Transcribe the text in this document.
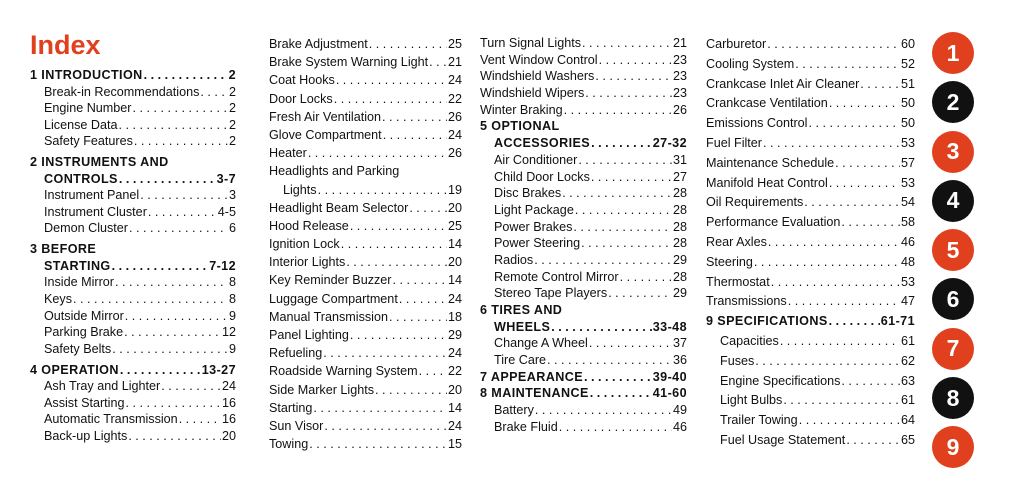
Index
1 INTRODUCTION . . .	2
Break-in Recommendations . . . 2
Engine Number . . .	2
License Data . . .	2
Safety Features . . .	2
2 INSTRUMENTS AND
CONTROLS . . .	3-7
Instrument Panel . . .	3
Instrument Cluster . . .	4-5
Demon Cluster . . .	6
3 BEFORE
STARTING . . .	7-12
Inside Mirror . . .	8
Keys . . .	8
Outside Mirror . . .	9
Parking Brake . . .	12
Safety Belts . . .	9
4 OPERATION . . .	13-27
Ash Tray and Lighter . . .	24
Assist Starting . . .	16
Automatic Transmission . . .	16
Back-up Lights . . .	20
Brake Adjustment . . .	25
Brake System Warning Light . . . 21
Coat Hooks . . .	24
Door Locks . . .	22
Fresh Air Ventilation . . .	26
Glove Compartment . . .	24
Heater . . .	26
Headlights and Parking
Lights . . .	19
Headlight Beam Selector . . .	20
Hood Release . . .	25
Ignition Lock . . .	14
Interior Lights . . .	20
Key Reminder Buzzer . . .	14
Luggage Compartment . . .	24
Manual Transmission . . .	18
Panel Lighting . . .	29
Refueling . . .	24
Roadside Warning System . . . 22
Side Marker Lights . . .	20
Starting . . .	14
Sun Visor . . .	24
Towing . . .	15
Turn Signal Lights . . .	21
Vent Window Control . . .	23
Windshield Washers . . .	23
Windshield Wipers . . .	23
Winter Braking . . .	26
5 OPTIONAL
ACCESSORIES . . .	27-32
Air Conditioner . . .	31
Child Door Locks . . .	27
Disc Brakes . . .	28
Light Package . . .	28
Power Brakes . . .	28
Power Steering . . .	28
Radios . . .	29
Remote Control Mirror . . .	28
Stereo Tape Players . . .	29
6 TIRES AND
WHEELS . . .	33-48
Change A Wheel . . .	37
Tire Care . . .	36
7 APPEARANCE . . .	39-40
8 MAINTENANCE . . .	41-60
Battery . . .	49
Brake Fluid . . .	46
Carburetor . . .	60
Cooling System . . .	52
Crankcase Inlet Air Cleaner . . .	51
Crankcase Ventilation . . .	50
Emissions Control . . .	50
Fuel Filter . . .	53
Maintenance Schedule . . .	57
Manifold Heat Control . . .	53
Oil Requirements . . .	54
Performance Evaluation . . .	58
Rear Axles . . .	46
Steering . . .	48
Thermostat . . .	53
Transmissions . . .	47
9 SPECIFICATIONS . . .	61-71
Capacities . . .	61
Fuses . . .	62
Engine Specifications . . .	63
Light Bulbs . . .	61
Trailer Towing . . .	64
Fuel Usage Statement . . .	65
1
2
3
4
5
6
7
8
9
